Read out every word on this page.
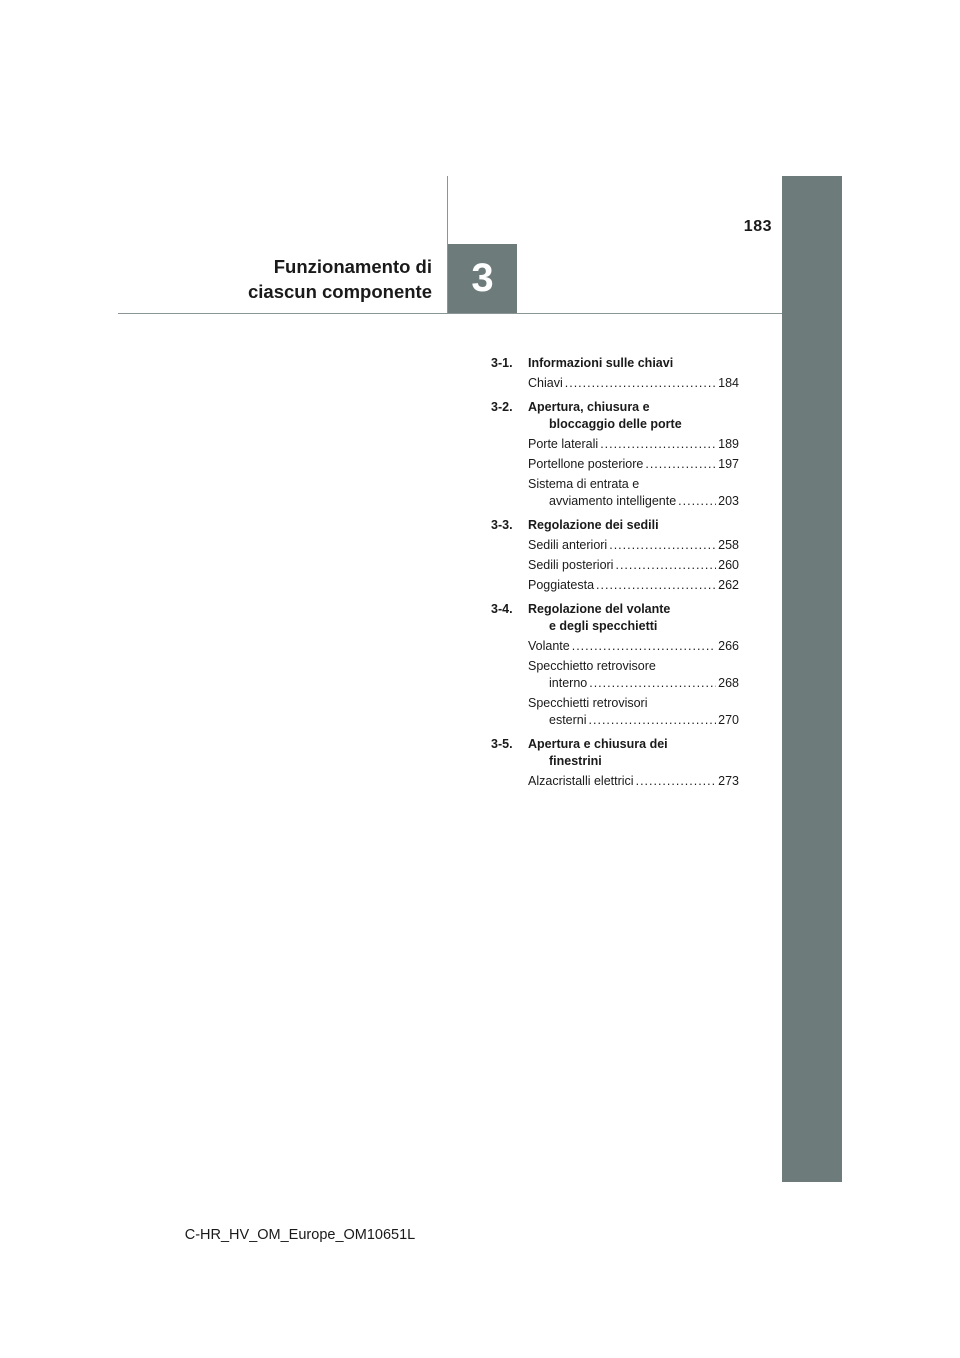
3
183
Funzionamento di
ciascun componente
3-1.	Informazioni sulle chiavi
Chiavi .....	184
3-2.	Apertura, chiusura e
bloccaggio delle porte
Porte laterali .....	189
Portellone posteriore .....	197
Sistema di entrata e
avviamento intelligente .....	203
3-3.	Regolazione dei sedili
Sedili anteriori .....	258
Sedili posteriori .....	260
Poggiatesta .....	262
3-4.	Regolazione del volante
e degli specchietti
Volante .....	266
Specchietto retrovisore
interno .....	268
Specchietti retrovisori
esterni .....	270
3-5.	Apertura e chiusura dei
finestrini
Alzacristalli elettrici .....	273
C-HR_HV_OM_Europe_OM10651L
